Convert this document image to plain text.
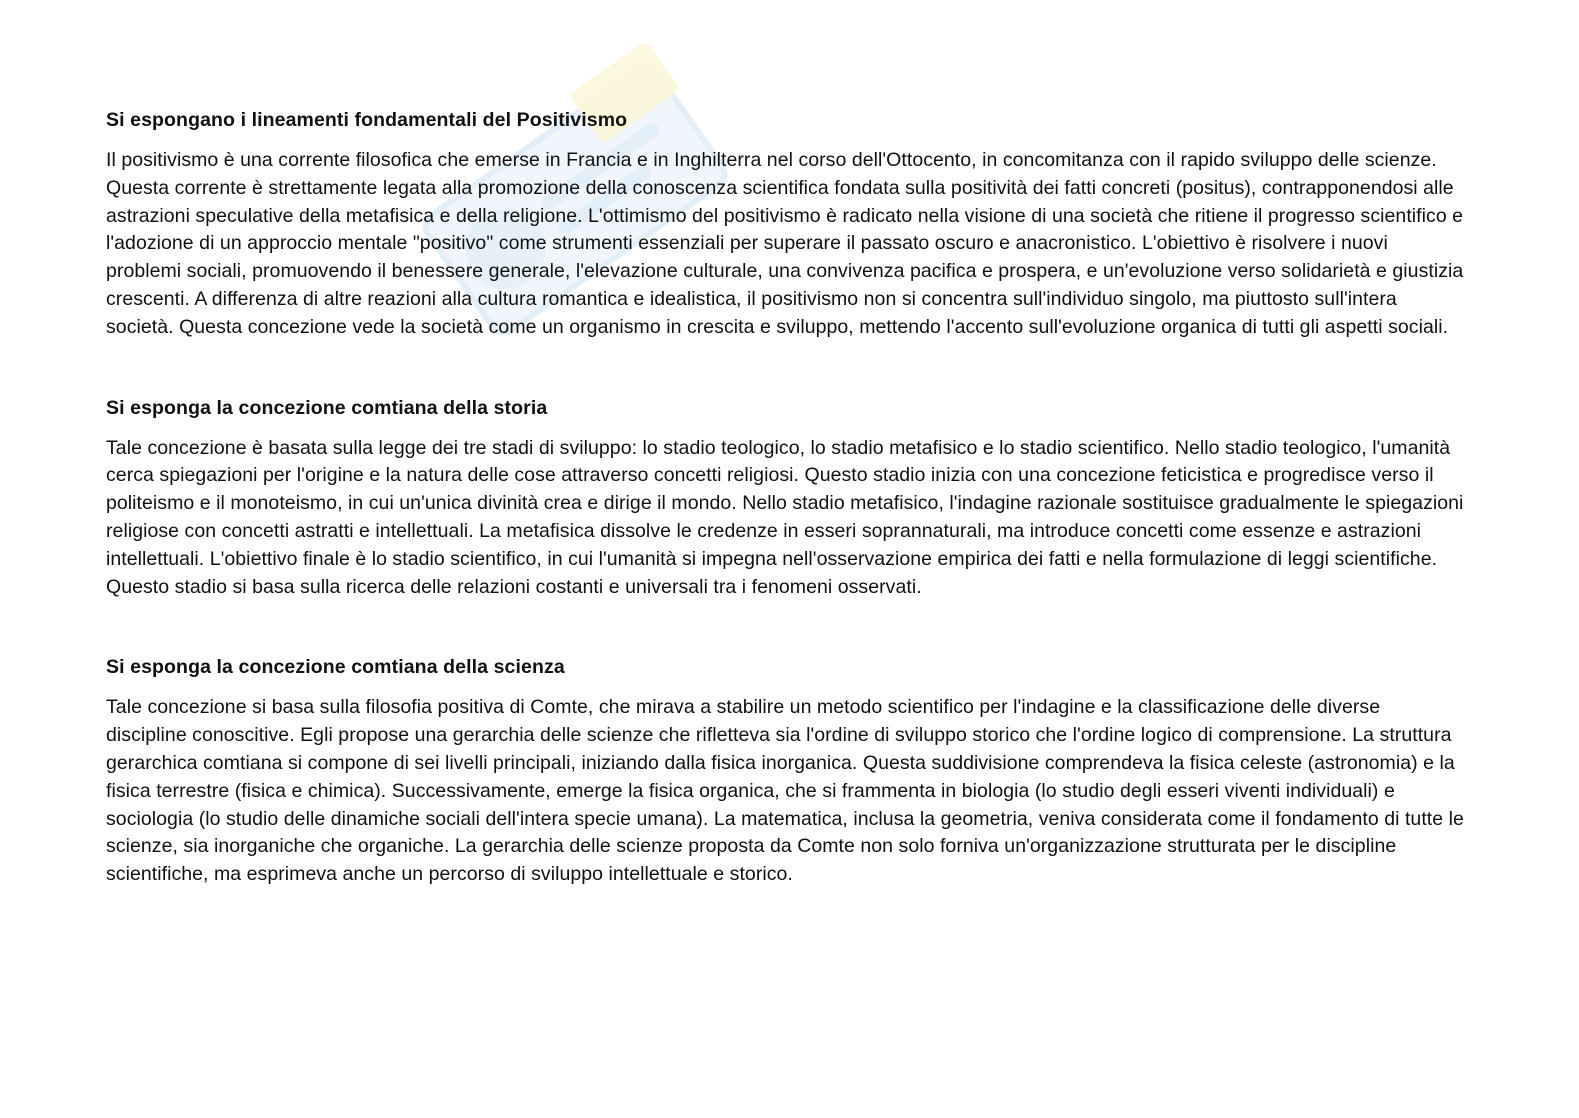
Si espongano i lineamenti fondamentali del Positivismo

Il positivismo è una corrente filosofica che emerse in Francia e in Inghilterra nel corso dell'Ottocento, in concomitanza con il rapido sviluppo delle scienze. Questa corrente è strettamente legata alla promozione della conoscenza scientifica fondata sulla positività dei fatti concreti (positus), contrapponendosi alle astrazioni speculative della metafisica e della religione. L'ottimismo del positivismo è radicato nella visione di una società che ritiene il progresso scientifico e l'adozione di un approccio mentale "positivo" come strumenti essenziali per superare il passato oscuro e anacronistico. L'obiettivo è risolvere i nuovi problemi sociali, promuovendo il benessere generale, l'elevazione culturale, una convivenza pacifica e prospera, e un'evoluzione verso solidarietà e giustizia crescenti. A differenza di altre reazioni alla cultura romantica e idealistica, il positivismo non si concentra sull'individuo singolo, ma piuttosto sull'intera società. Questa concezione vede la società come un organismo in crescita e sviluppo, mettendo l'accento sull'evoluzione organica di tutti gli aspetti sociali.

Si esponga la concezione comtiana della storia

Tale concezione è basata sulla legge dei tre stadi di sviluppo: lo stadio teologico, lo stadio metafisico e lo stadio scientifico. Nello stadio teologico, l'umanità cerca spiegazioni per l'origine e la natura delle cose attraverso concetti religiosi. Questo stadio inizia con una concezione feticistica e progredisce verso il politeismo e il monoteismo, in cui un'unica divinità crea e dirige il mondo. Nello stadio metafisico, l'indagine razionale sostituisce gradualmente le spiegazioni religiose con concetti astratti e intellettuali. La metafisica dissolve le credenze in esseri soprannaturali, ma introduce concetti come essenze e astrazioni intellettuali. L'obiettivo finale è lo stadio scientifico, in cui l'umanità si impegna nell'osservazione empirica dei fatti e nella formulazione di leggi scientifiche. Questo stadio si basa sulla ricerca delle relazioni costanti e universali tra i fenomeni osservati.

Si esponga la concezione comtiana della scienza

Tale concezione si basa sulla filosofia positiva di Comte, che mirava a stabilire un metodo scientifico per l'indagine e la classificazione delle diverse discipline conoscitive. Egli propose una gerarchia delle scienze che rifletteva sia l'ordine di sviluppo storico che l'ordine logico di comprensione. La struttura gerarchica comtiana si compone di sei livelli principali, iniziando dalla fisica inorganica. Questa suddivisione comprendeva la fisica celeste (astronomia) e la fisica terrestre (fisica e chimica). Successivamente, emerge la fisica organica, che si frammenta in biologia (lo studio degli esseri viventi individuali) e sociologia (lo studio delle dinamiche sociali dell'intera specie umana). La matematica, inclusa la geometria, veniva considerata come il fondamento di tutte le scienze, sia inorganiche che organiche. La gerarchia delle scienze proposta da Comte non solo forniva un'organizzazione strutturata per le discipline scientifiche, ma esprimeva anche un percorso di sviluppo intellettuale e storico.
